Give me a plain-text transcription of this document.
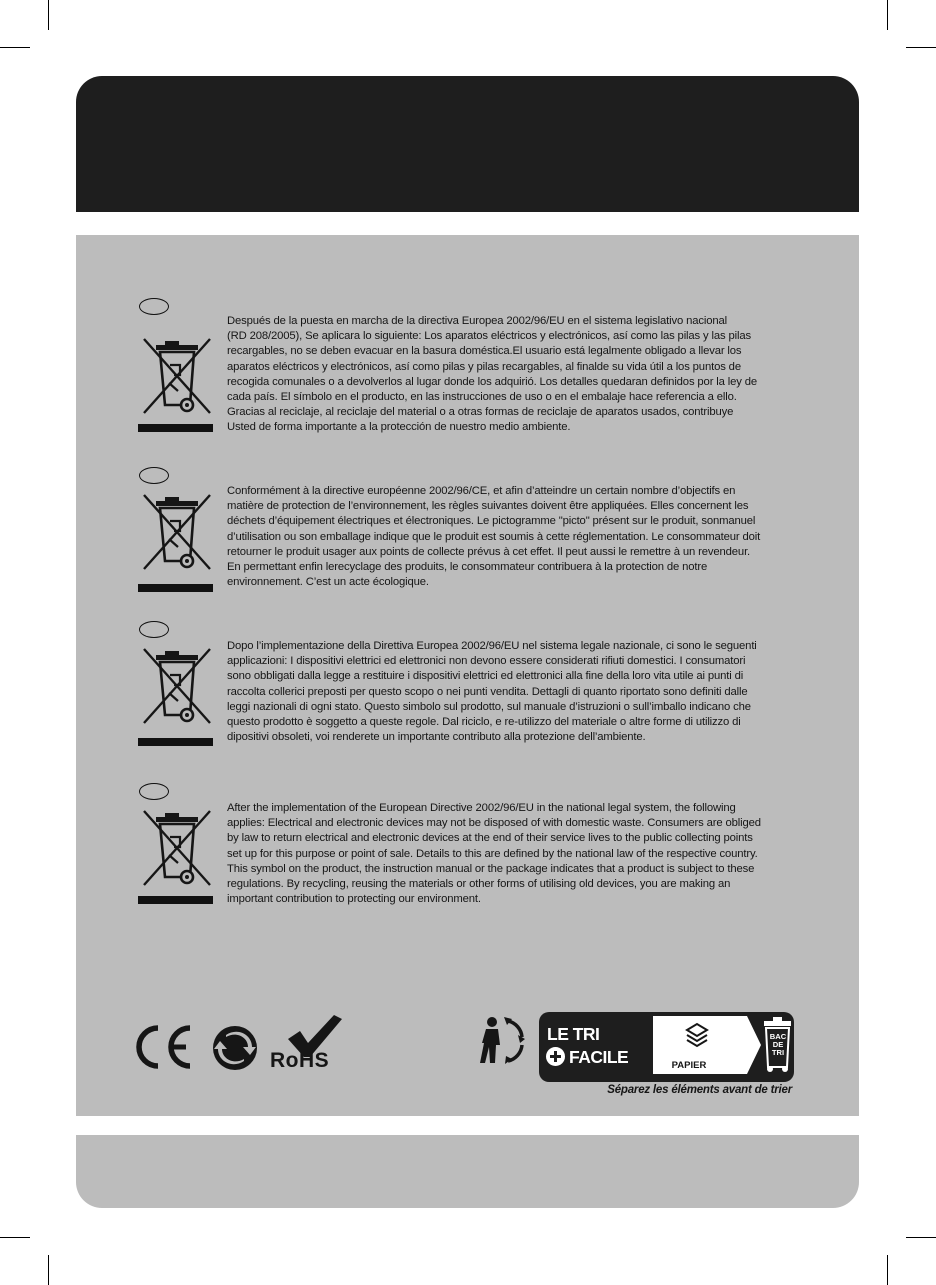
Después de la puesta en marcha de la directiva Europea 2002/96/EU en el sistema legislativo nacional
(RD 208/2005), Se aplicara lo siguiente: Los aparatos eléctricos y electrónicos, así como las pilas y las pilas
recargables, no se deben evacuar en la basura doméstica.El usuario está legalmente obligado a llevar los
aparatos eléctricos y electrónicos, así como pilas y pilas recargables, al finalde su vida útil a los puntos de
recogida comunales o a devolverlos al lugar donde los adquirió. Los detalles quedaran definidos por la ley de
cada país. El símbolo en el producto, en las instrucciones de uso o en el embalaje hace referencia a ello.
Gracias al reciclaje, al reciclaje del material o a otras formas de reciclaje de aparatos usados, contribuye
Usted de forma importante a la protección de nuestro medio ambiente.

Conformément à la directive européenne 2002/96/CE, et afin d’atteindre un certain nombre d’objectifs en
matière de protection de l’environnement, les règles suivantes doivent être appliquées. Elles concernent les
déchets d’équipement électriques et électroniques. Le pictogramme "picto" présent sur le produit, sonmanuel
d’utilisation ou son emballage indique que le produit est soumis à cette réglementation. Le consommateur doit
retourner le produit usager aux points de collecte prévus à cet effet. Il peut aussi le remettre à un revendeur.
En permettant enfin lerecyclage des produits, le consommateur contribuera à la protection de notre
environnement. C’est un acte écologique.

Dopo l’implementazione della Direttiva Europea 2002/96/EU nel sistema legale nazionale, ci sono le seguenti
applicazioni: I dispositivi elettrici ed elettronici non devono essere considerati rifiuti domestici. I consumatori
sono obbligati dalla legge a restituire i dispositivi elettrici ed elettronici alla fine della loro vita utile ai punti di
raccolta collerici preposti per questo scopo o nei punti vendita. Dettagli di quanto riportato sono definiti dalle
leggi nazionali di ogni stato. Questo simbolo sul prodotto, sul manuale d’istruzioni o sull’imballo indicano che
questo prodotto è soggetto a queste regole. Dal riciclo, e re-utilizzo del materiale o altre forme di utilizzo di
dipositivi obsoleti, voi renderete un importante contributo alla protezione dell’ambiente.

After the implementation of the European Directive 2002/96/EU in the national legal system, the following
applies: Electrical and electronic devices may not be disposed of with domestic waste. Consumers are obliged
by law to return electrical and electronic devices at the end of their service lives to the public collecting points
set up for this purpose or point of sale. Details to this are defined by the national law of the respective country.
This symbol on the product, the instruction manual or the package indicates that a product is subject to these
regulations. By recycling, reusing the materials or other forms of utilising old devices, you are making an
important contribution to protecting our environment.

RoHS
LE TRI
FACILE	PAPIER
BAC
DE
TRI
Séparez les éléments avant de trier
